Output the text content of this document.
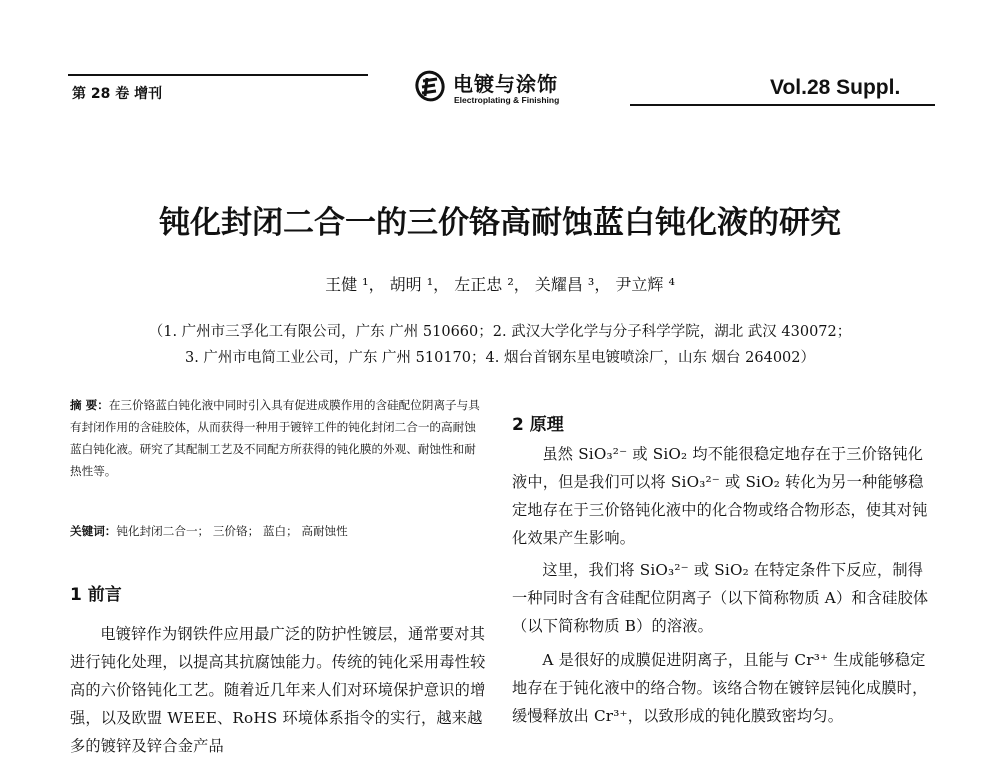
第 28 卷 增刊	电镀与涂饰
Electroplating & Finishing
Vol.28 Suppl.
钝化封闭二合一的三价铬高耐蚀蓝白钝化液的研究
王健 ¹， 胡明 ¹， 左正忠 ²， 关耀昌 ³， 尹立辉 ⁴
（1. 广州市三孚化工有限公司，广东 广州 510660；2. 武汉大学化学与分子科学学院，湖北 武汉 430072；
3. 广州市电简工业公司，广东 广州 510170；4. 烟台首钢东星电镀喷涂厂，山东 烟台 264002）
摘 要：在三价铬蓝白钝化液中同时引入具有促进成膜作用的含硅配位阴离子与具有封闭作用的含硅胶体，从而获得一种用于镀锌工件的钝化封闭二合一的高耐蚀蓝白钝化液。研究了其配制工艺及不同配方所获得的钝化膜的外观、耐蚀性和耐热性等。
关键词：钝化封闭二合一； 三价铬； 蓝白； 高耐蚀性
1 前言
电镀锌作为钢铁件应用最广泛的防护性镀层，通常要对其进行钝化处理，以提高其抗腐蚀能力。传统的钝化采用毒性较高的六价铬钝化工艺。随着近几年来人们对环境保护意识的增强，以及欧盟 WEEE、RoHS 环境体系指令的实行，越来越多的镀锌及锌合金产品
2 原理
虽然 SiO₃²⁻ 或 SiO₂ 均不能很稳定地存在于三价铬钝化液中，但是我们可以将 SiO₃²⁻ 或 SiO₂ 转化为另一种能够稳定地存在于三价铬钝化液中的化合物或络合物形态，使其对钝化效果产生影响。
这里，我们将 SiO₃²⁻ 或 SiO₂ 在特定条件下反应，制得一种同时含有含硅配位阴离子（以下简称物质 A）和含硅胶体（以下简称物质 B）的溶液。
A 是很好的成膜促进阴离子，且能与 Cr³⁺ 生成能够稳定地存在于钝化液中的络合物。该络合物在镀锌层钝化成膜时，缓慢释放出 Cr³⁺，以致形成的钝化膜致密均匀。
